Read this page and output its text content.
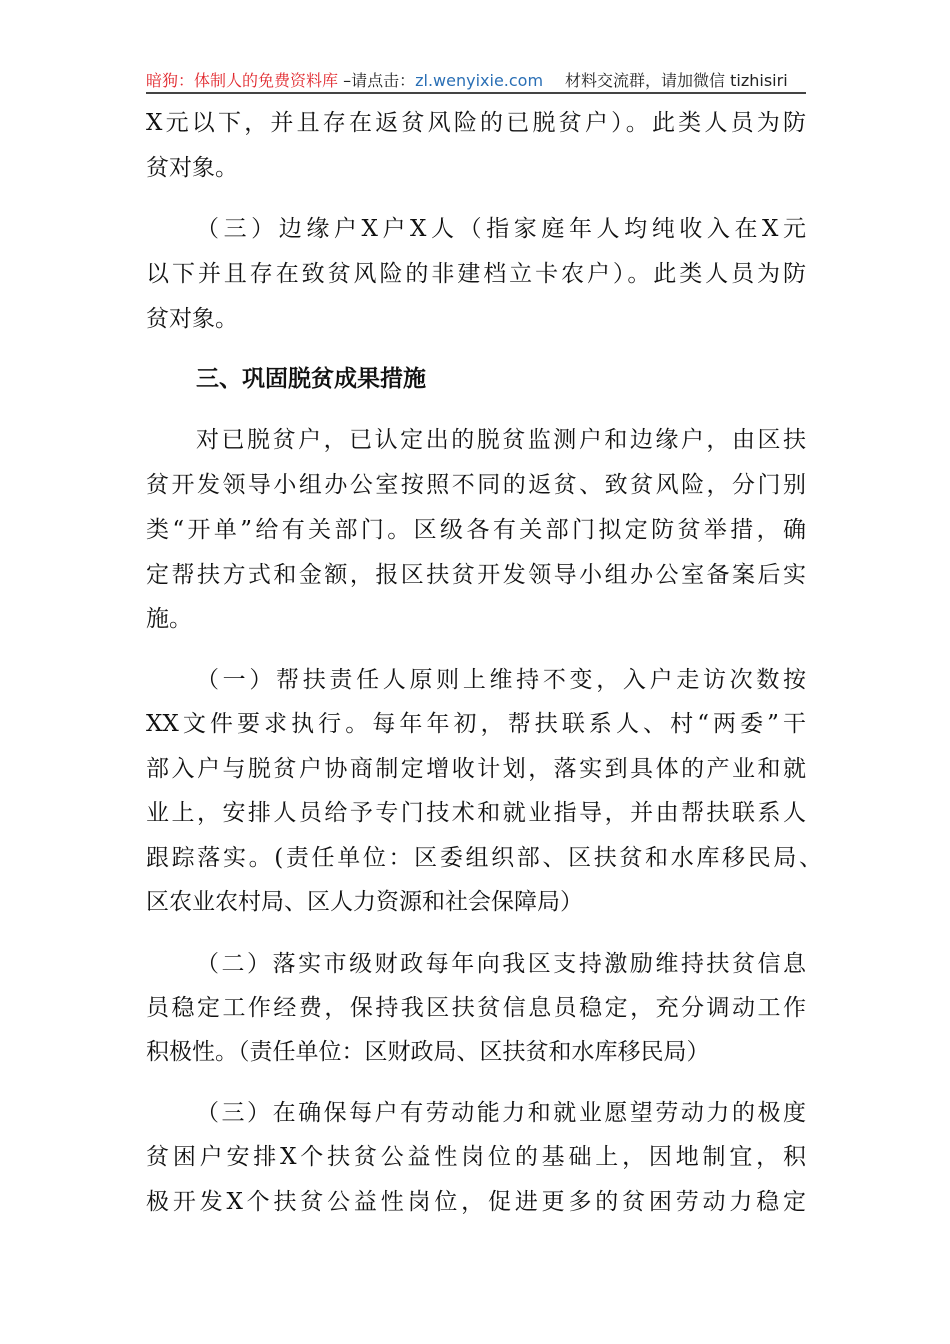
暗狗：体制人的免费资料库 –请点击：zl.wenyixie.com 材料交流群，请加微信 tizhisiri
X元以下，并且存在返贫风险的已脱贫户）。此类人员为防
贫对象。
（三）边缘户X户X人（指家庭年人均纯收入在X元
以下并且存在致贫风险的非建档立卡农户）。此类人员为防
贫对象。
三、巩固脱贫成果措施
对已脱贫户，已认定出的脱贫监测户和边缘户，由区扶
贫开发领导小组办公室按照不同的返贫、致贫风险，分门别
类“开单”给有关部门。区级各有关部门拟定防贫举措，确
定帮扶方式和金额，报区扶贫开发领导小组办公室备案后实
施。
（一）帮扶责任人原则上维持不变，入户走访次数按
XX文件要求执行。每年年初，帮扶联系人、村“两委”干
部入户与脱贫户协商制定增收计划，落实到具体的产业和就
业上，安排人员给予专门技术和就业指导，并由帮扶联系人
跟踪落实。(责任单位：区委组织部、区扶贫和水库移民局、
区农业农村局、区人力资源和社会保障局）
（二）落实市级财政每年向我区支持激励维持扶贫信息
员稳定工作经费，保持我区扶贫信息员稳定，充分调动工作
积极性。（责任单位：区财政局、区扶贫和水库移民局）
（三）在确保每户有劳动能力和就业愿望劳动力的极度
贫困户安排X个扶贫公益性岗位的基础上，因地制宜，积
极开发X个扶贫公益性岗位，促进更多的贫困劳动力稳定
